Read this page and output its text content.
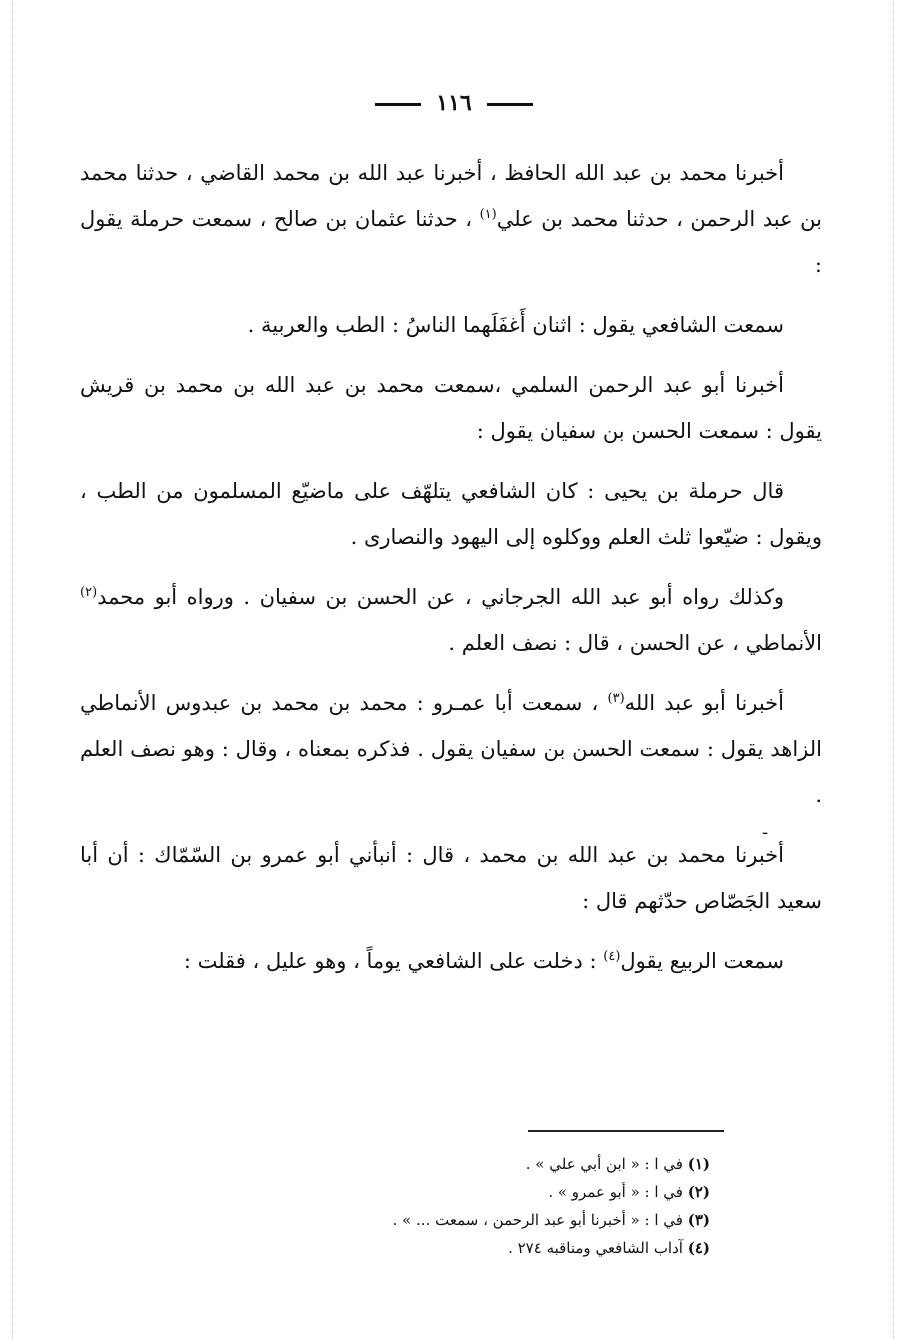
١١٦

أخبرنا محمد بن عبد الله الحافظ ، أخبرنا عبد الله بن محمد القاضي ، حدثنا محمد بن عبد الرحمن ، حدثنا محمد بن علي$^{(١)}$ ، حدثنا عثمان بن صالح ، سمعت حرملة يقول :

سمعت الشافعي يقول : اثنان أَغفَلَهما الناسُ : الطب والعربية .

أخبرنا أبو عبد الرحمن السلمي ،سمعت محمد بن عبد الله بن محمد بن قريش يقول : سمعت الحسن بن سفيان يقول :

قال حرملة بن يحيى : كان الشافعي يتلهّف على ماضيّع المسلمون من الطب ، ويقول : ضيّعوا ثلث العلم ووكلوه إلى اليهود والنصارى .

وكذلك رواه أبو عبد الله الجرجاني ، عن الحسن بن سفيان . ورواه أبو محمد$^{(٢)}$ الأنماطي ، عن الحسن ، قال : نصف العلم .

أخبرنا أبو عبد الله$^{(٣)}$ ، سمعت أبا عمـرو : محمد بن محمد بن عبدوس الأنماطي الزاهد يقول : سمعت الحسن بن سفيان يقول . فذكره بمعناه ، وقال : وهو نصف العلم .

أخبرنا محمد بن عبد الله بن محمد ، قال : أنبأني أبو عمرو بن السّمّاك : أن أبا سعيد الجَصّاص حدّثهم قال :

سمعت الربيع يقول$^{(٤)}$ : دخلت على الشافعي يوماً ، وهو عليل ، فقلت :

-

(١) في ا : « ابن أبي علي » .

(٢) في ا : « أبو عمرو » .

(٣) في ا : « أخبرنا أبو عبد الرحمن ، سمعت ... » .

(٤) آداب الشافعي ومناقبه ٢٧٤ .
